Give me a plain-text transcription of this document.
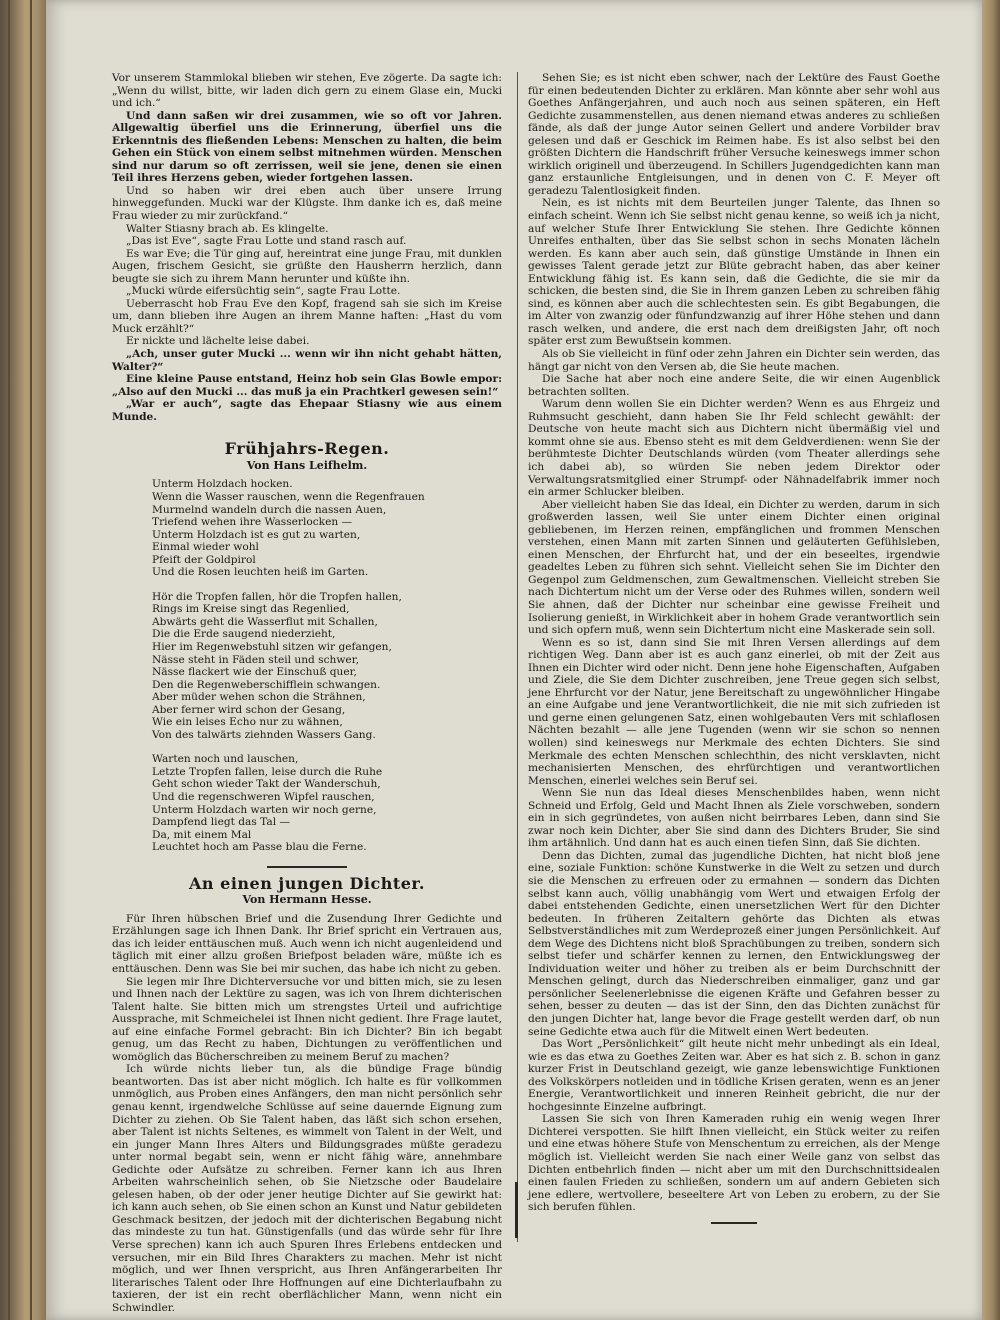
Vor unserem Stammlokal blieben wir stehen, Eve zögerte. Da sagte ich: „Wenn du willst, bitte, wir laden dich gern zu einem Glase ein, Mucki und ich.“

Und dann saßen wir drei zusammen, wie so oft vor Jahren. Allgewaltig überfiel uns die Erinnerung, überfiel uns die Erkenntnis des fließenden Lebens: Menschen zu halten, die beim Gehen ein Stück von einem selbst mitnehmen würden. Menschen sind nur darum so oft zerrissen, weil sie jene, denen sie einen Teil ihres Herzens geben, wieder fortgehen lassen.

Und so haben wir drei eben auch über unsere Irrung hinweggefunden. Mucki war der Klügste. Ihm danke ich es, daß meine Frau wieder zu mir zurückfand.“

Walter Stiasny brach ab. Es klingelte.

„Das ist Eve“, sagte Frau Lotte und stand rasch auf.

Es war Eve; die Tür ging auf, hereintrat eine junge Frau, mit dunklen Augen, frischem Gesicht, sie grüßte den Hausherrn herzlich, dann beugte sie sich zu ihrem Mann herunter und küßte ihn.

„Mucki würde eifersüchtig sein“, sagte Frau Lotte.

Ueberrascht hob Frau Eve den Kopf, fragend sah sie sich im Kreise um, dann blieben ihre Augen an ihrem Manne haften: „Hast du vom Muck erzählt?“

Er nickte und lächelte leise dabei.

„Ach, unser guter Mucki ... wenn wir ihn nicht gehabt hätten, Walter?“

Eine kleine Pause entstand, Heinz hob sein Glas Bowle empor: „Also auf den Mucki ... das muß ja ein Prachtkerl gewesen sein!“

„War er auch“, sagte das Ehepaar Stiasny wie aus einem Munde.

Frühjahrs-Regen.
Von Hans Leifhelm.
Unterm Holzdach hocken.
Wenn die Wasser rauschen, wenn die Regenfrauen
Murmelnd wandeln durch die nassen Auen,
Triefend wehen ihre Wasserlocken —
Unterm Holzdach ist es gut zu warten,
Einmal wieder wohl
Pfeift der Goldpirol
Und die Rosen leuchten heiß im Garten.
Hör die Tropfen fallen, hör die Tropfen hallen,
Rings im Kreise singt das Regenlied,
Abwärts geht die Wasserflut mit Schallen,
Die die Erde saugend niederzieht,
Hier im Regenwebstuhl sitzen wir gefangen,
Nässe steht in Fäden steil und schwer,
Nässe flackert wie der Einschuß quer,
Den die Regenweberschifflein schwangen.
Aber müder wehen schon die Strähnen,
Aber ferner wird schon der Gesang,
Wie ein leises Echo nur zu wähnen,
Von des talwärts ziehnden Wassers Gang.
Warten noch und lauschen,
Letzte Tropfen fallen, leise durch die Ruhe
Geht schon wieder Takt der Wanderschuh,
Und die regenschweren Wipfel rauschen,
Unterm Holzdach warten wir noch gerne,
Dampfend liegt das Tal —
Da, mit einem Mal
Leuchtet hoch am Passe blau die Ferne.
An einen jungen Dichter.
Von Hermann Hesse.

Für Ihren hübschen Brief und die Zusendung Ihrer Gedichte und Erzählungen sage ich Ihnen Dank. Ihr Brief spricht ein Vertrauen aus, das ich leider enttäuschen muß. Auch wenn ich nicht augenleidend und täglich mit einer allzu großen Briefpost beladen wäre, müßte ich es enttäuschen. Denn was Sie bei mir suchen, das habe ich nicht zu geben.

Sie legen mir Ihre Dichterversuche vor und bitten mich, sie zu lesen und Ihnen nach der Lektüre zu sagen, was ich von Ihrem dichterischen Talent halte. Sie bitten mich um strengstes Urteil und aufrichtige Aussprache, mit Schmeichelei ist Ihnen nicht gedient. Ihre Frage lautet, auf eine einfache Formel gebracht: Bin ich Dichter? Bin ich begabt genug, um das Recht zu haben, Dichtungen zu veröffentlichen und womöglich das Bücherschreiben zu meinem Beruf zu machen?

Ich würde nichts lieber tun, als die bündige Frage bündig beantworten. Das ist aber nicht möglich. Ich halte es für vollkommen unmöglich, aus Proben eines Anfängers, den man nicht persönlich sehr genau kennt, irgendwelche Schlüsse auf seine dauernde Eignung zum Dichter zu ziehen. Ob Sie Talent haben, das läßt sich schon ersehen, aber Talent ist nichts Seltenes, es wimmelt von Talent in der Welt, und ein junger Mann Ihres Alters und Bildungsgrades müßte geradezu unter normal begabt sein, wenn er nicht fähig wäre, annehmbare Gedichte oder Aufsätze zu schreiben. Ferner kann ich aus Ihren Arbeiten wahrscheinlich sehen, ob Sie Nietzsche oder Baudelaire gelesen haben, ob der oder jener heutige Dichter auf Sie gewirkt hat: ich kann auch sehen, ob Sie einen schon an Kunst und Natur gebildeten Geschmack besitzen, der jedoch mit der dichterischen Begabung nicht das mindeste zu tun hat. Günstigenfalls (und das würde sehr für Ihre Verse sprechen) kann ich auch Spuren Ihres Erlebens entdecken und versuchen, mir ein Bild Ihres Charakters zu machen. Mehr ist nicht möglich, und wer Ihnen verspricht, aus Ihren Anfängerarbeiten Ihr literarisches Talent oder Ihre Hoffnungen auf eine Dichterlaufbahn zu taxieren, der ist ein recht oberflächlicher Mann, wenn nicht ein Schwindler.

Sehen Sie; es ist nicht eben schwer, nach der Lektüre des Faust Goethe für einen bedeutenden Dichter zu erklären. Man könnte aber sehr wohl aus Goethes Anfängerjahren, und auch noch aus seinen späteren, ein Heft Gedichte zusammenstellen, aus denen niemand etwas anderes zu schließen fände, als daß der junge Autor seinen Gellert und andere Vorbilder brav gelesen und daß er Geschick im Reimen habe. Es ist also selbst bei den größten Dichtern die Handschrift früher Versuche keineswegs immer schon wirklich originell und überzeugend. In Schillers Jugendgedichten kann man ganz erstaunliche Entgleisungen, und in denen von C. F. Meyer oft geradezu Talentlosigkeit finden.

Nein, es ist nichts mit dem Beurteilen junger Talente, das Ihnen so einfach scheint. Wenn ich Sie selbst nicht genau kenne, so weiß ich ja nicht, auf welcher Stufe Ihrer Entwicklung Sie stehen. Ihre Gedichte können Unreifes enthalten, über das Sie selbst schon in sechs Monaten lächeln werden. Es kann aber auch sein, daß günstige Umstände in Ihnen ein gewisses Talent gerade jetzt zur Blüte gebracht haben, das aber keiner Entwicklung fähig ist. Es kann sein, daß die Gedichte, die sie mir da schicken, die besten sind, die Sie in Ihrem ganzen Leben zu schreiben fähig sind, es können aber auch die schlechtesten sein. Es gibt Begabungen, die im Alter von zwanzig oder fünfundzwanzig auf ihrer Höhe stehen und dann rasch welken, und andere, die erst nach dem dreißigsten Jahr, oft noch später erst zum Bewußtsein kommen.

Als ob Sie vielleicht in fünf oder zehn Jahren ein Dichter sein werden, das hängt gar nicht von den Versen ab, die Sie heute machen.

Die Sache hat aber noch eine andere Seite, die wir einen Augenblick betrachten sollten.

Warum denn wollen Sie ein Dichter werden? Wenn es aus Ehrgeiz und Ruhmsucht geschieht, dann haben Sie Ihr Feld schlecht gewählt: der Deutsche von heute macht sich aus Dichtern nicht übermäßig viel und kommt ohne sie aus. Ebenso steht es mit dem Geldverdienen: wenn Sie der berühmteste Dichter Deutschlands würden (vom Theater allerdings sehe ich dabei ab), so würden Sie neben jedem Direktor oder Verwaltungsratsmitglied einer Strumpf- oder Nähnadelfabrik immer noch ein armer Schlucker bleiben.

Aber vielleicht haben Sie das Ideal, ein Dichter zu werden, darum in sich großwerden lassen, weil Sie unter einem Dichter einen original gebliebenen, im Herzen reinen, empfänglichen und frommen Menschen verstehen, einen Mann mit zarten Sinnen und geläuterten Gefühlsleben, einen Menschen, der Ehrfurcht hat, und der ein beseeltes, irgendwie geadeltes Leben zu führen sich sehnt. Vielleicht sehen Sie im Dichter den Gegenpol zum Geldmenschen, zum Gewaltmenschen. Vielleicht streben Sie nach Dichtertum nicht um der Verse oder des Ruhmes willen, sondern weil Sie ahnen, daß der Dichter nur scheinbar eine gewisse Freiheit und Isolierung genießt, in Wirklichkeit aber in hohem Grade verantwortlich sein und sich opfern muß, wenn sein Dichtertum nicht eine Maskerade sein soll.

Wenn es so ist, dann sind Sie mit Ihren Versen allerdings auf dem richtigen Weg. Dann aber ist es auch ganz einerlei, ob mit der Zeit aus Ihnen ein Dichter wird oder nicht. Denn jene hohe Eigenschaften, Aufgaben und Ziele, die Sie dem Dichter zuschreiben, jene Treue gegen sich selbst, jene Ehrfurcht vor der Natur, jene Bereitschaft zu ungewöhnlicher Hingabe an eine Aufgabe und jene Verantwortlichkeit, die nie mit sich zufrieden ist und gerne einen gelungenen Satz, einen wohlgebauten Vers mit schlaflosen Nächten bezahlt — alle jene Tugenden (wenn wir sie schon so nennen wollen) sind keineswegs nur Merkmale des echten Dichters. Sie sind Merkmale des echten Menschen schlechthin, des nicht versklavten, nicht mechanisierten Menschen, des ehrfürchtigen und verantwortlichen Menschen, einerlei welches sein Beruf sei.

Wenn Sie nun das Ideal dieses Menschenbildes haben, wenn nicht Schneid und Erfolg, Geld und Macht Ihnen als Ziele vorschweben, sondern ein in sich gegründetes, von außen nicht beirrbares Leben, dann sind Sie zwar noch kein Dichter, aber Sie sind dann des Dichters Bruder, Sie sind ihm artähnlich. Und dann hat es auch einen tiefen Sinn, daß Sie dichten.

Denn das Dichten, zumal das jugendliche Dichten, hat nicht bloß jene eine, soziale Funktion: schöne Kunstwerke in die Welt zu setzen und durch sie die Menschen zu erfreuen oder zu ermahnen — sondern das Dichten selbst kann auch, völlig unabhängig vom Wert und etwaigen Erfolg der dabei entstehenden Gedichte, einen unersetzlichen Wert für den Dichter bedeuten. In früheren Zeitaltern gehörte das Dichten als etwas Selbstverständliches mit zum Werdeprozeß einer jungen Persönlichkeit. Auf dem Wege des Dichtens nicht bloß Sprachübungen zu treiben, sondern sich selbst tiefer und schärfer kennen zu lernen, den Entwicklungsweg der Individuation weiter und höher zu treiben als er beim Durchschnitt der Menschen gelingt, durch das Niederschreiben einmaliger, ganz und gar persönlicher Seelenerlebnisse die eigenen Kräfte und Gefahren besser zu sehen, besser zu deuten — das ist der Sinn, den das Dichten zunächst für den jungen Dichter hat, lange bevor die Frage gestellt werden darf, ob nun seine Gedichte etwa auch für die Mitwelt einen Wert bedeuten.

Das Wort „Persönlichkeit“ gilt heute nicht mehr unbedingt als ein Ideal, wie es das etwa zu Goethes Zeiten war. Aber es hat sich z. B. schon in ganz kurzer Frist in Deutschland gezeigt, wie ganze lebenswichtige Funktionen des Volkskörpers notleiden und in tödliche Krisen geraten, wenn es an jener Energie, Verantwortlichkeit und inneren Reinheit gebricht, die nur der hochgesinnte Einzelne aufbringt.

Lassen Sie sich von Ihren Kameraden ruhig ein wenig wegen Ihrer Dichterei verspotten. Sie hilft Ihnen vielleicht, ein Stück weiter zu reifen und eine etwas höhere Stufe von Menschentum zu erreichen, als der Menge möglich ist. Vielleicht werden Sie nach einer Weile ganz von selbst das Dichten entbehrlich finden — nicht aber um mit den Durchschnittsidealen einen faulen Frieden zu schließen, sondern um auf andern Gebieten sich jene edlere, wertvollere, beseeltere Art von Leben zu erobern, zu der Sie sich berufen fühlen.
